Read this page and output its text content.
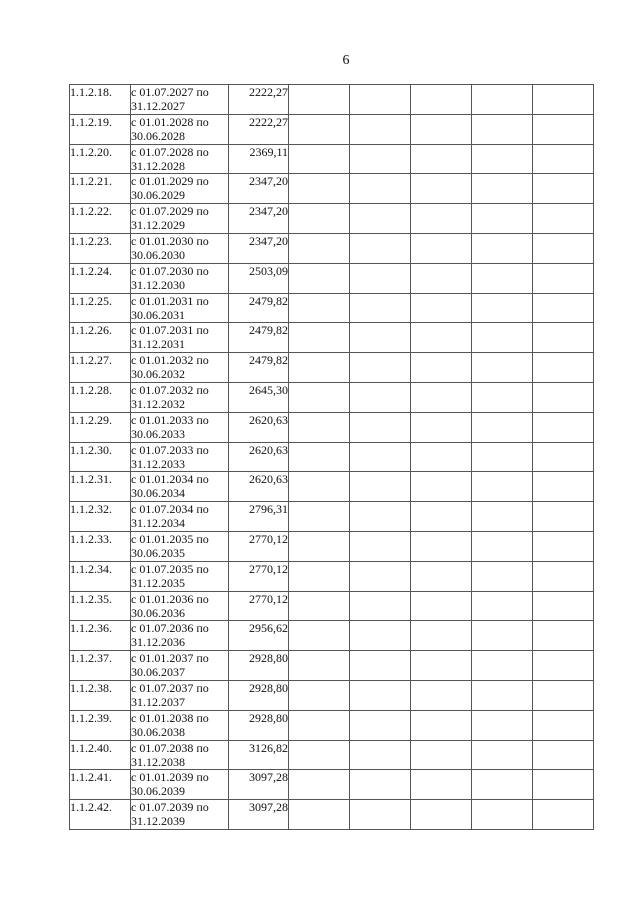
6
1.1.2.18.	с 01.07.2027 по 31.12.2027	2222,27					
1.1.2.19.	с 01.01.2028 по 30.06.2028	2222,27					
1.1.2.20.	с 01.07.2028 по 31.12.2028	2369,11					
1.1.2.21.	с 01.01.2029 по 30.06.2029	2347,20					
1.1.2.22.	с 01.07.2029 по 31.12.2029	2347,20					
1.1.2.23.	с 01.01.2030 по 30.06.2030	2347,20					
1.1.2.24.	с 01.07.2030 по 31.12.2030	2503,09					
1.1.2.25.	с 01.01.2031 по 30.06.2031	2479,82					
1.1.2.26.	с 01.07.2031 по 31.12.2031	2479,82					
1.1.2.27.	с 01.01.2032 по 30.06.2032	2479,82					
1.1.2.28.	с 01.07.2032 по 31.12.2032	2645,30					
1.1.2.29.	с 01.01.2033 по 30.06.2033	2620,63					
1.1.2.30.	с 01.07.2033 по 31.12.2033	2620,63					
1.1.2.31.	с 01.01.2034 по 30.06.2034	2620,63					
1.1.2.32.	с 01.07.2034 по 31.12.2034	2796,31					
1.1.2.33.	с 01.01.2035 по 30.06.2035	2770,12					
1.1.2.34.	с 01.07.2035 по 31.12.2035	2770,12					
1.1.2.35.	с 01.01.2036 по 30.06.2036	2770,12					
1.1.2.36.	с 01.07.2036 по 31.12.2036	2956,62					
1.1.2.37.	с 01.01.2037 по 30.06.2037	2928,80					
1.1.2.38.	с 01.07.2037 по 31.12.2037	2928,80					
1.1.2.39.	с 01.01.2038 по 30.06.2038	2928,80					
1.1.2.40.	с 01.07.2038 по 31.12.2038	3126,82					
1.1.2.41.	с 01.01.2039 по 30.06.2039	3097,28					
1.1.2.42.	с 01.07.2039 по 31.12.2039	3097,28					
